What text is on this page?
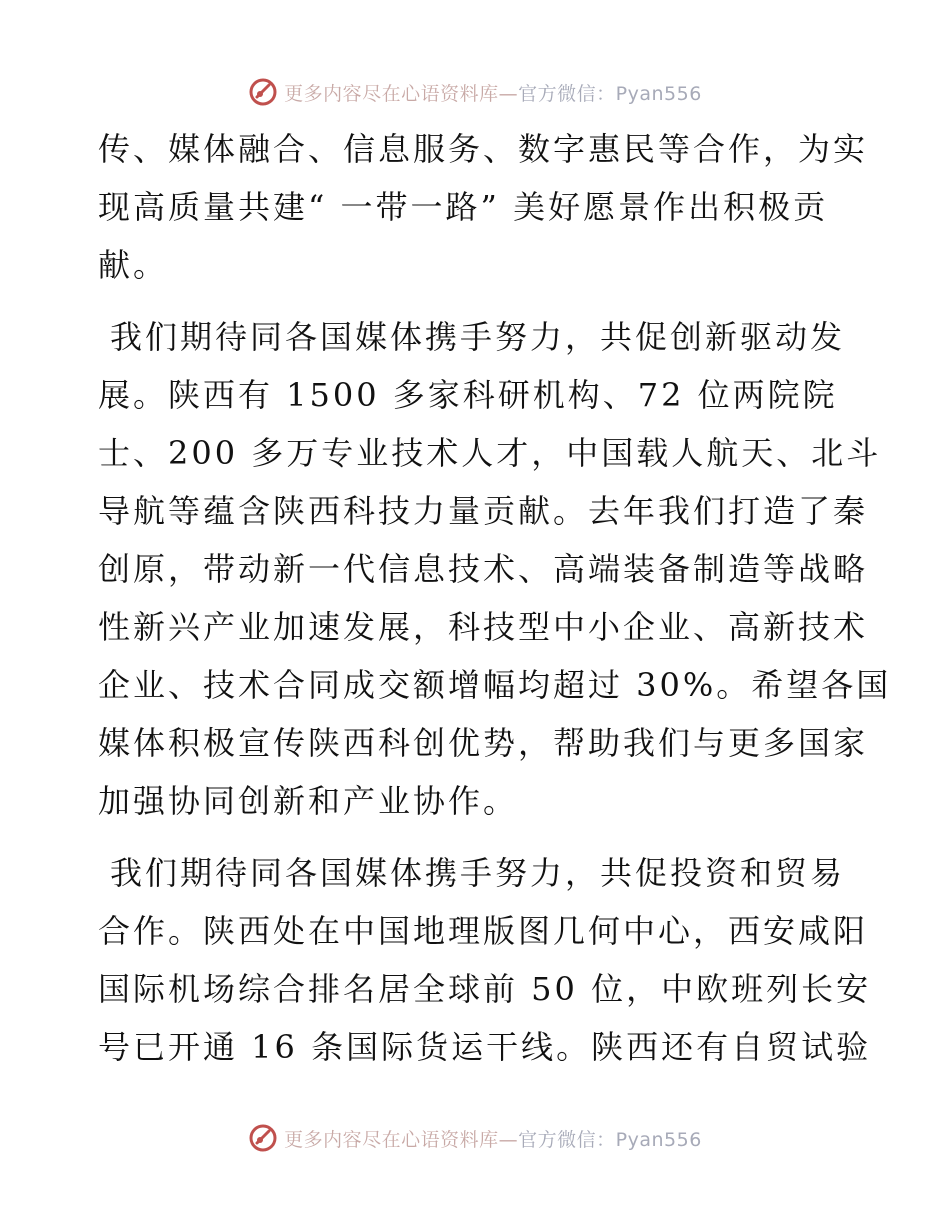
更多内容尽在心语资料库— 官方微信：Pyan556

传、媒体融合、信息服务、数字惠民等合作，为实
现高质量共建“ 一带一路” 美好愿景作出积极贡
献。

我们期待同各国媒体携手努力，共促创新驱动发
展。陕西有 1500 多家科研机构、72 位两院院
士、200 多万专业技术人才，中国载人航天、北斗
导航等蕴含陕西科技力量贡献。去年我们打造了秦
创原，带动新一代信息技术、高端装备制造等战略
性新兴产业加速发展，科技型中小企业、高新技术
企业、技术合同成交额增幅均超过 30%。希望各国
媒体积极宣传陕西科创优势，帮助我们与更多国家
加强协同创新和产业协作。

我们期待同各国媒体携手努力，共促投资和贸易
合作。陕西处在中国地理版图几何中心，西安咸阳
国际机场综合排名居全球前 50 位，中欧班列长安
号已开通 16 条国际货运干线。陕西还有自贸试验

更多内容尽在心语资料库— 官方微信：Pyan556
